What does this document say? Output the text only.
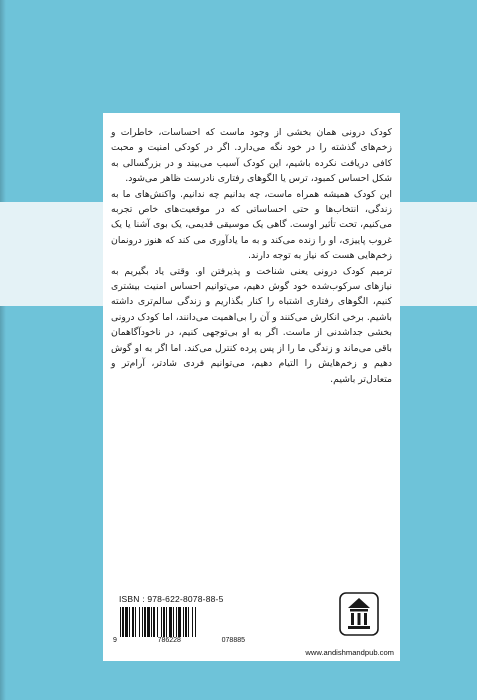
کودک درونی همان بخشی از وجود ماست که احساسات، خاطرات و زخم‌های گذشته را در خود نگه می‌دارد. اگر در کودکی امنیت و محبت کافی دریافت نکرده باشیم، این کودک آسیب می‌بیند و در بزرگسالی به شکل احساس کمبود، ترس یا الگوهای رفتاری نادرست ظاهر می‌شود.

این کودک همیشه همراه ماست، چه بدانیم چه ندانیم. واکنش‌های ما به زندگی، انتخاب‌ها و حتی احساساتی که در موقعیت‌های خاص تجربه می‌کنیم، تحت تأثیر اوست. گاهی یک موسیقی قدیمی، یک بوی آشنا یا یک غروب پاییزی، او را زنده می‌کند و به ما یادآوری می کند که هنوز درونمان زخم‌هایی هست که نیاز به توجه دارند.

ترمیم کودک درونی یعنی شناخت و پذیرفتن او. وقتی یاد بگیریم به نیازهای سرکوب‌شده خود گوش دهیم، می‌توانیم احساس امنیت بیشتری کنیم، الگوهای رفتاری اشتباه را کنار بگذاریم و زندگی سالم‌تری داشته باشیم. برخی انکارش می‌کنند و آن را بی‌اهمیت می‌دانند، اما کودک درونی بخشی جداشدنی از ماست. اگر به او بی‌توجهی کنیم، در ناخودآگاهمان باقی می‌ماند و زندگی ما را از پس پرده کنترل می‌کند. اما اگر به او گوش دهیم و زخم‌هایش را التیام دهیم، می‌توانیم فردی شادتر، آرام‌تر و متعادل‌تر باشیم.

ISBN : 978-622-8078-88-5
9	786228	078885
www.andishmandpub.com
